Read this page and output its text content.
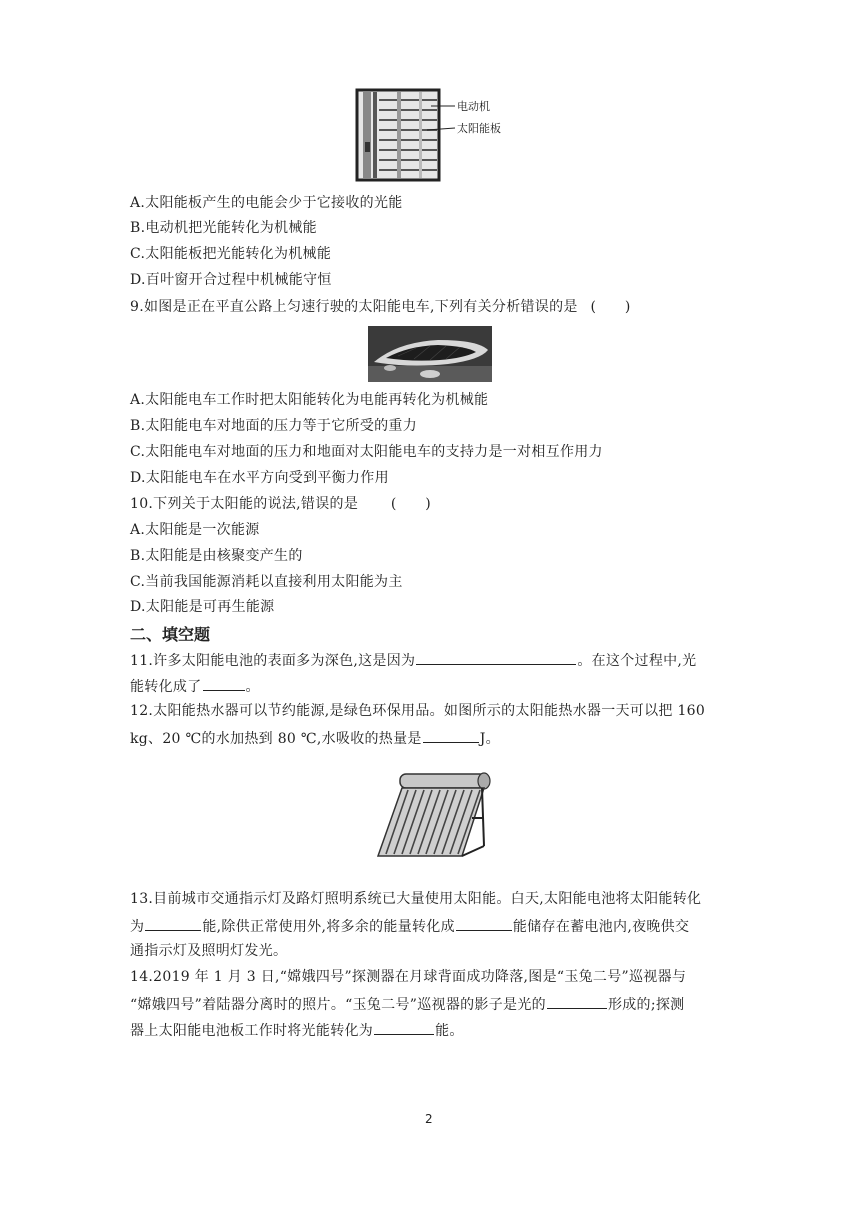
电动机
太阳能板
A.太阳能板产生的电能会少于它接收的光能
B.电动机把光能转化为机械能
C.太阳能板把光能转化为机械能
D.百叶窗开合过程中机械能守恒
9.如图是正在平直公路上匀速行驶的太阳能电车,下列有关分析错误的是 (　　)
A.太阳能电车工作时把太阳能转化为电能再转化为机械能
B.太阳能电车对地面的压力等于它所受的重力
C.太阳能电车对地面的压力和地面对太阳能电车的支持力是一对相互作用力
D.太阳能电车在水平方向受到平衡力作用
10.下列关于太阳能的说法,错误的是 (　　)
A.太阳能是一次能源
B.太阳能是由核聚变产生的
C.当前我国能源消耗以直接利用太阳能为主
D.太阳能是可再生能源
二、填空题
11.许多太阳能电池的表面多为深色,这是因为	。在这个过程中,光
能转化成了	。
12.太阳能热水器可以节约能源,是绿色环保用品。如图所示的太阳能热水器一天可以把 160
kg、20 ℃的水加热到 80 ℃,水吸收的热量是	J。
13.目前城市交通指示灯及路灯照明系统已大量使用太阳能。白天,太阳能电池将太阳能转化
为	能,除供正常使用外,将多余的能量转化成	能储存在蓄电池内,夜晚供交
通指示灯及照明灯发光。
14.2019 年 1 月 3 日,“嫦娥四号”探测器在月球背面成功降落,图是“玉兔二号”巡视器与
“嫦娥四号”着陆器分离时的照片。“玉兔二号”巡视器的影子是光的	形成的;探测
器上太阳能电池板工作时将光能转化为	能。
2
